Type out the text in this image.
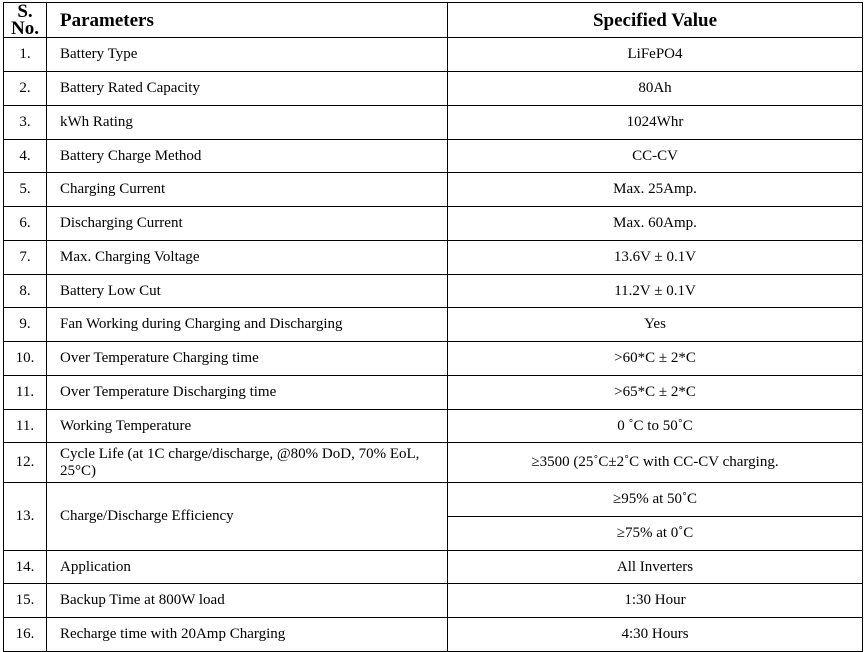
S.
No.	Parameters	Specified Value
1.	Battery Type	LiFePO4
2.	Battery Rated Capacity	80Ah
3.	kWh Rating	1024Whr
4.	Battery Charge Method	CC-CV
5.	Charging Current	Max. 25Amp.
6.	Discharging Current	Max. 60Amp.
7.	Max. Charging Voltage	13.6V ± 0.1V
8.	Battery Low Cut	11.2V ± 0.1V
9.	Fan Working during Charging and Discharging	Yes
10.	Over Temperature Charging time	>60*C ± 2*C
11.	Over Temperature Discharging time	>65*C ± 2*C
11.	Working Temperature	0 ˚C to 50˚C
12.	Cycle Life (at 1C charge/discharge, @80% DoD, 70% EoL, 25°C)	≥3500 (25˚C±2˚C with CC-CV charging.
13.	Charge/Discharge Efficiency	≥95% at 50˚C
		≥75% at 0˚C
14.	Application	All Inverters
15.	Backup Time at 800W load	1:30 Hour
16.	Recharge time with 20Amp Charging	4:30 Hours
